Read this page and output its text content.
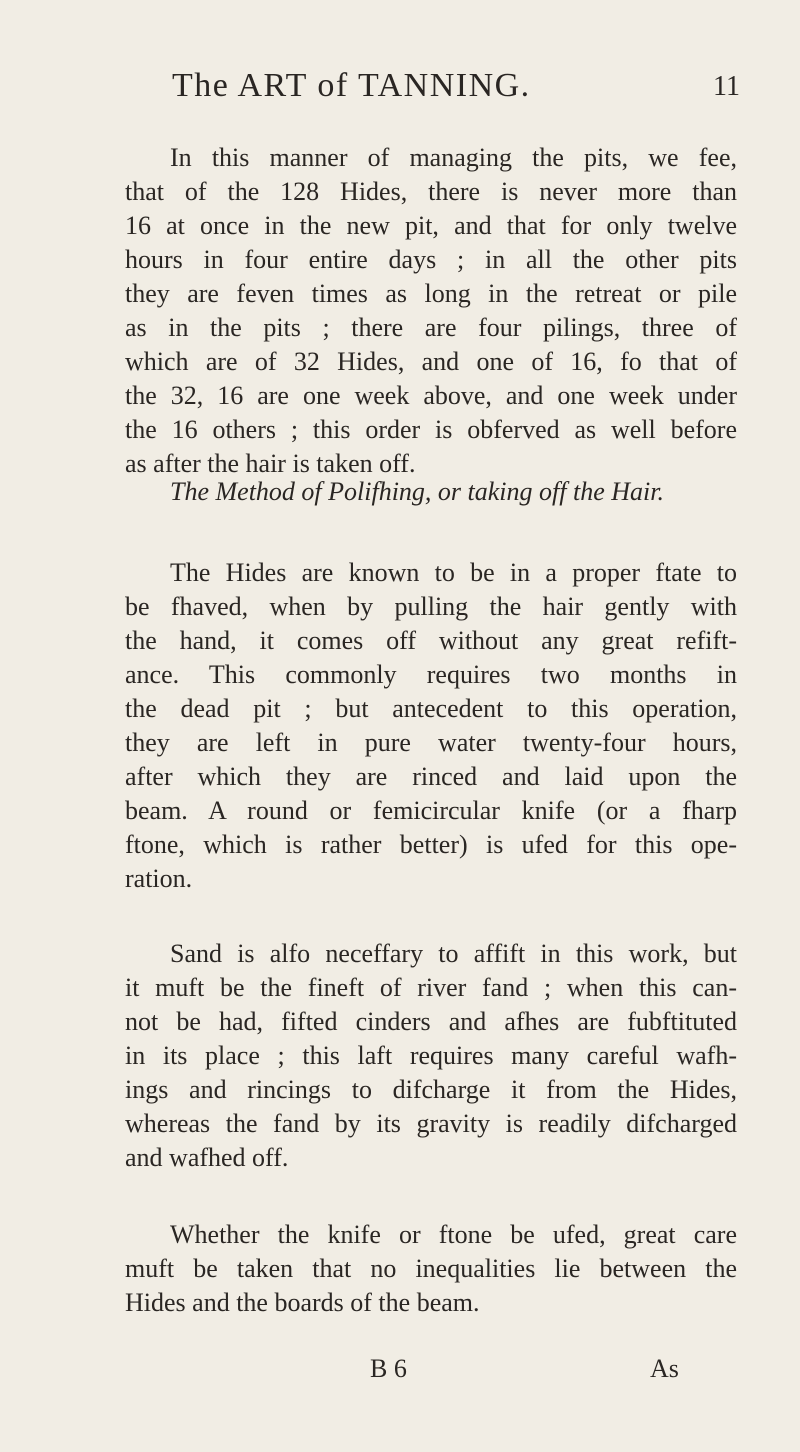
The ART of TANNING.	11
In this manner of managing the pits, we fee,
that of the 128 Hides, there is never more than
16 at once in the new pit, and that for only twelve
hours in four entire days ; in all the other pits
they are feven times as long in the retreat or pile
as in the pits ; there are four pilings, three of
which are of 32 Hides, and one of 16, fo that of
the 32, 16 are one week above, and one week under
the 16 others ; this order is obferved as well before
as after the hair is taken off.
The Method of Polifhing, or taking off the Hair.
The Hides are known to be in a proper ftate to
be fhaved, when by pulling the hair gently with
the hand, it comes off without any great refift-
ance. This commonly requires two months in
the dead pit ; but antecedent to this operation,
they are left in pure water twenty-four hours,
after which they are rinced and laid upon the
beam. A round or femicircular knife (or a fharp
ftone, which is rather better) is ufed for this ope-
ration.
Sand is alfo neceffary to affift in this work, but
it muft be the fineft of river fand ; when this can-
not be had, fifted cinders and afhes are fubftituted
in its place ; this laft requires many careful wafh-
ings and rincings to difcharge it from the Hides,
whereas the fand by its gravity is readily difcharged
and wafhed off.
Whether the knife or ftone be ufed, great care
muft be taken that no inequalities lie between the
Hides and the boards of the beam.
B 6	As
